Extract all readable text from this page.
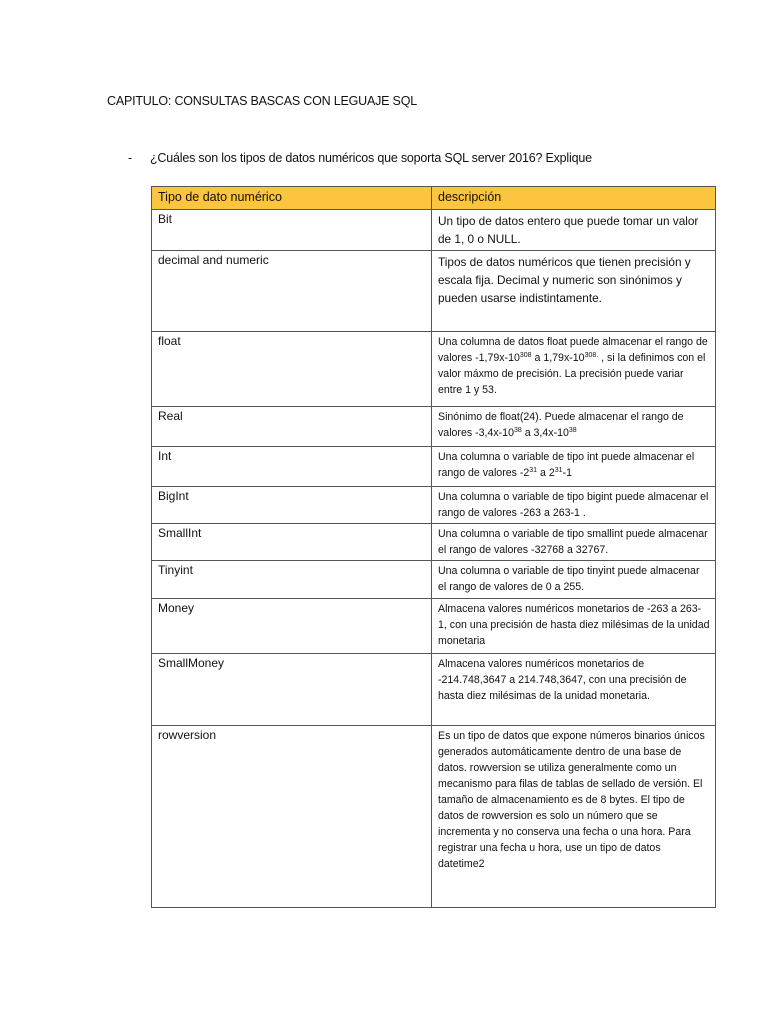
CAPITULO: CONSULTAS BASCAS CON LEGUAJE SQL
- ¿Cuáles son los tipos de datos numéricos que soporta SQL server 2016? Explique
Tipo de dato numérico	descripción
Bit	Un tipo de datos entero que puede tomar un valor de 1, 0 o NULL.
decimal and numeric	Tipos de datos numéricos que tienen precisión y escala fija. Decimal y numeric son sinónimos y pueden usarse indistintamente.
float	Una columna de datos float puede almacenar el rango de valores $-1,79x-10^{308}$ a $1,79x-10^{308.}$ , si la definimos con el valor máxmo de precisión. La precisión puede variar entre 1 y 53.
Real	Sinónimo de float(24). Puede almacenar el rango de valores $-3,4x-10^{38}$ a $3,4x-10^{38}$
Int	Una columna o variable de tipo int puede almacenar el rango de valores $-2^{31}$ a $2^{31}-1$
BigInt	Una columna o variable de tipo bigint puede almacenar el rango de valores -263 a 263-1 .
SmallInt	Una columna o variable de tipo smallint puede almacenar el rango de valores -32768 a 32767.
Tinyint	Una columna o variable de tipo tinyint puede almacenar el rango de valores de 0 a 255.
Money	Almacena valores numéricos monetarios de -263 a 263-1, con una precisión de hasta diez milésimas de la unidad monetaria
SmallMoney	Almacena valores numéricos monetarios de -214.748,3647 a 214.748,3647, con una precisión de hasta diez milésimas de la unidad monetaria.
rowversion	Es un tipo de datos que expone números binarios únicos generados automáticamente dentro de una base de datos. rowversion se utiliza generalmente como un mecanismo para filas de tablas de sellado de versión. El tamaño de almacenamiento es de 8 bytes. El tipo de datos de rowversion es solo un número que se incrementa y no conserva una fecha o una hora. Para registrar una fecha u hora, use un tipo de datos datetime2
